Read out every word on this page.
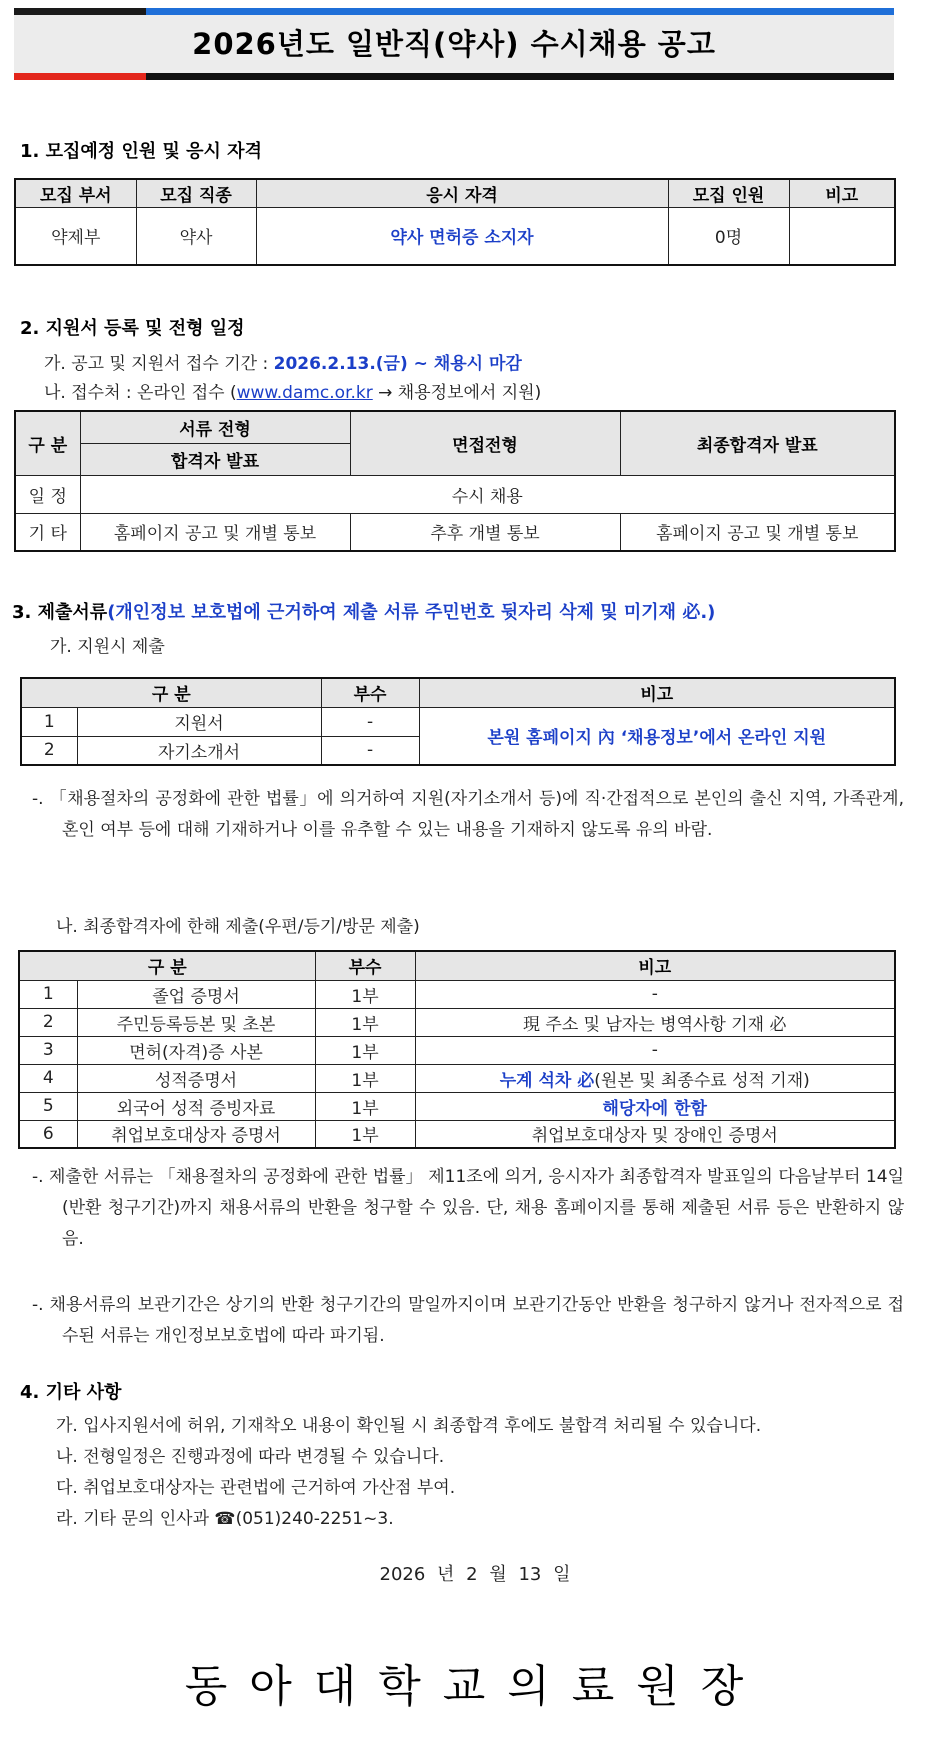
2026년도 일반직(약사) 수시채용 공고
1. 모집예정 인원 및 응시 자격
모집 부서	모집 직종	응시 자격	모집 인원	비고
약제부	약사	약사 면허증 소지자	0명	
2. 지원서 등록 및 전형 일정
가. 공고 및 지원서 접수 기간 : 2026.2.13.(금) ~ 채용시 마감
나. 접수처 : 온라인 접수 (www.damc.or.kr → 채용정보에서 지원)
구 분	서류 전형	면접전형	최종합격자 발표
	합격자 발표		
일 정	수시 채용		
기 타	홈페이지 공고 및 개별 통보	추후 개별 통보	홈페이지 공고 및 개별 통보
3. 제출서류(개인정보 보호법에 근거하여 제출 서류 주민번호 뒷자리 삭제 및 미기재 必.)
가. 지원시 제출
구 분		부수	비고
1	지원서	-	본원 홈페이지 內 ‘채용정보’에서 온라인 지원
2	자기소개서	-	
-. 「채용절차의 공정화에 관한 법률」에 의거하여 지원(자기소개서 등)에 직·간접적으로 본인의 출신 지역, 가족관계, 혼인 여부 등에 대해 기재하거나 이를 유추할 수 있는 내용을 기재하지 않도록 유의 바람.
나. 최종합격자에 한해 제출(우편/등기/방문 제출)
구 분		부수	비고
1	졸업 증명서	1부	-
2	주민등록등본 및 초본	1부	現 주소 및 남자는 병역사항 기재 必
3	면허(자격)증 사본	1부	-
4	성적증명서	1부	누계 석차 必(원본 및 최종수료 성적 기재)
5	외국어 성적 증빙자료	1부	해당자에 한함
6	취업보호대상자 증명서	1부	취업보호대상자 및 장애인 증명서
-. 제출한 서류는 「채용절차의 공정화에 관한 법률」 제11조에 의거, 응시자가 최종합격자 발표일의 다음날부터 14일(반환 청구기간)까지 채용서류의 반환을 청구할 수 있음. 단, 채용 홈페이지를 통해 제출된 서류 등은 반환하지 않음.
-. 채용서류의 보관기간은 상기의 반환 청구기간의 말일까지이며 보관기간동안 반환을 청구하지 않거나 전자적으로 접수된 서류는 개인정보보호법에 따라 파기됨.
4. 기타 사항
가. 입사지원서에 허위, 기재착오 내용이 확인될 시 최종합격 후에도 불합격 처리될 수 있습니다.
나. 전형일정은 진행과정에 따라 변경될 수 있습니다.
다. 취업보호대상자는 관련법에 근거하여 가산점 부여.
라. 기타 문의 인사과 ☎(051)240-2251~3.
2026 년 2 월 13 일
동아대학교의료원장
